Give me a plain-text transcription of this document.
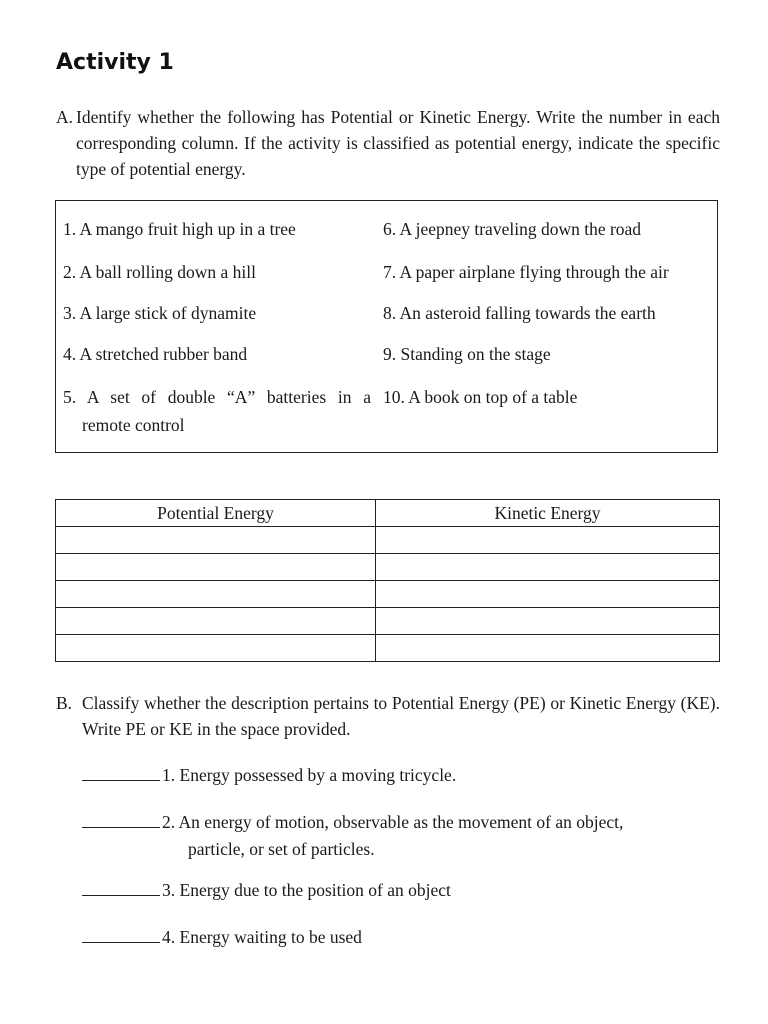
Activity 1
A. Identify whether the following has Potential or Kinetic Energy. Write the number in each corresponding column. If the activity is classified as potential energy, indicate the specific type of potential energy.
1. A mango fruit high up in a tree
2. A ball rolling down a hill
3. A large stick of dynamite
4. A stretched rubber band
5. A set of double “A” batteries in a
remote control
6. A jeepney traveling down the road
7. A paper airplane flying through the air
8. An asteroid falling towards the earth
9. Standing on the stage
10. A book on top of a table
Potential Energy	Kinetic Energy

B. Classify whether the description pertains to Potential Energy (PE) or Kinetic Energy (KE). Write PE or KE in the space provided.
1. Energy possessed by a moving tricycle.
2. An energy of motion, observable as the movement of an object,
particle, or set of particles.
3. Energy due to the position of an object
4. Energy waiting to be used
